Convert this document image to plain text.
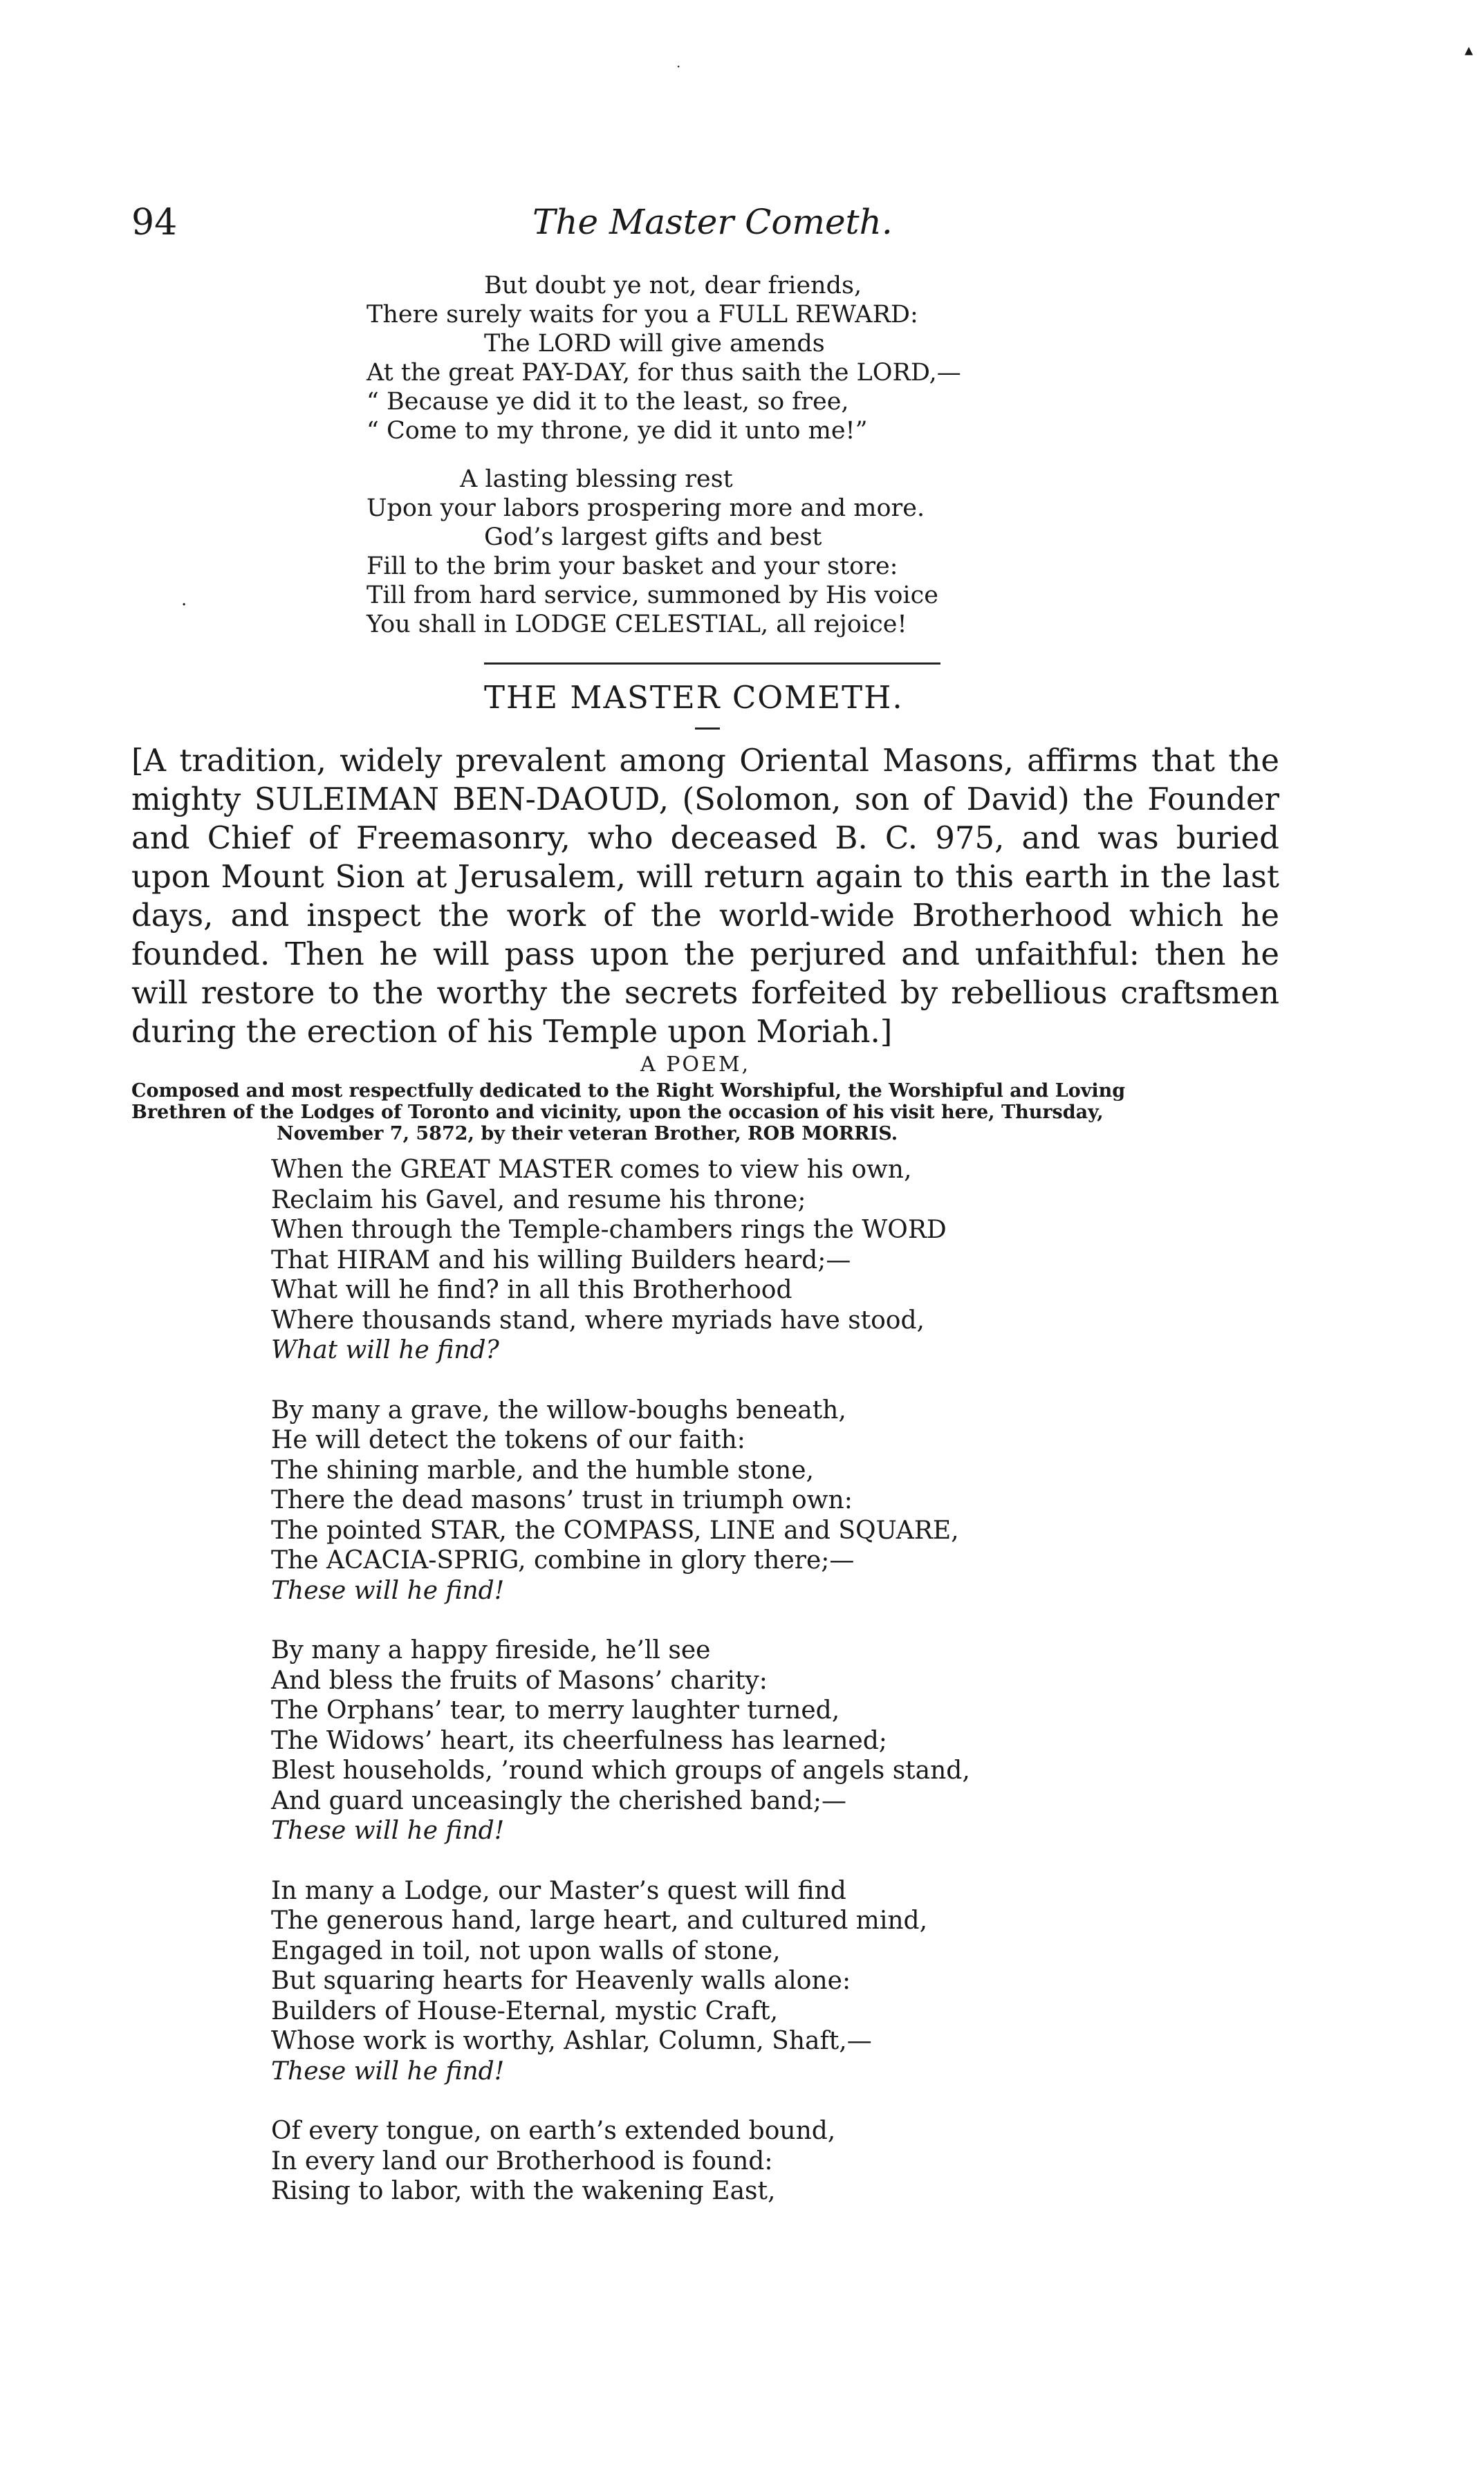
·
▴
·
94	The Master Cometh.
But doubt ye not, dear friends,
There surely waits for you a FULL REWARD:
The LORD will give amends
At the great PAY-DAY, for thus saith the LORD,—
“ Because ye did it to the least, so free,
“ Come to my throne, ye did it unto me!”
A lasting blessing rest
Upon your labors prospering more and more.
God’s largest gifts and best
Fill to the brim your basket and your store:
Till from hard service, summoned by His voice
You shall in LODGE CELESTIAL, all rejoice!
THE MASTER COMETH.
[A tradition, widely prevalent among Oriental Masons, affirms that the mighty SULEIMAN BEN-DAOUD, (Solomon, son of David) the Founder and Chief of Freemasonry, who deceased B. C. 975, and was buried upon Mount Sion at Jerusalem, will return again to this earth in the last days, and inspect the work of the world-wide Brotherhood which he founded. Then he will pass upon the perjured and unfaithful: then he will restore to the worthy the secrets forfeited by rebellious craftsmen during the erection of his Temple upon Moriah.]
A POEM,
Composed and most respectfully dedicated to the Right Worshipful, the Worshipful and Loving
Brethren of the Lodges of Toronto and vicinity, upon the occasion of his visit here, Thursday,
November 7, 5872, by their veteran Brother, ROB MORRIS.
When the GREAT MASTER comes to view his own,
Reclaim his Gavel, and resume his throne;
When through the Temple-chambers rings the WORD
That HIRAM and his willing Builders heard;—
What will he find? in all this Brotherhood
Where thousands stand, where myriads have stood,
What will he find?
By many a grave, the willow-boughs beneath,
He will detect the tokens of our faith:
The shining marble, and the humble stone,
There the dead masons’ trust in triumph own:
The pointed STAR, the COMPASS, LINE and SQUARE,
The ACACIA-SPRIG, combine in glory there;—
These will he find!
By many a happy fireside, he’ll see
And bless the fruits of Masons’ charity:
The Orphans’ tear, to merry laughter turned,
The Widows’ heart, its cheerfulness has learned;
Blest households, ’round which groups of angels stand,
And guard unceasingly the cherished band;—
These will he find!
In many a Lodge, our Master’s quest will find
The generous hand, large heart, and cultured mind,
Engaged in toil, not upon walls of stone,
But squaring hearts for Heavenly walls alone:
Builders of House-Eternal, mystic Craft,
Whose work is worthy, Ashlar, Column, Shaft,—
These will he find!
Of every tongue, on earth’s extended bound,
In every land our Brotherhood is found:
Rising to labor, with the wakening East,
